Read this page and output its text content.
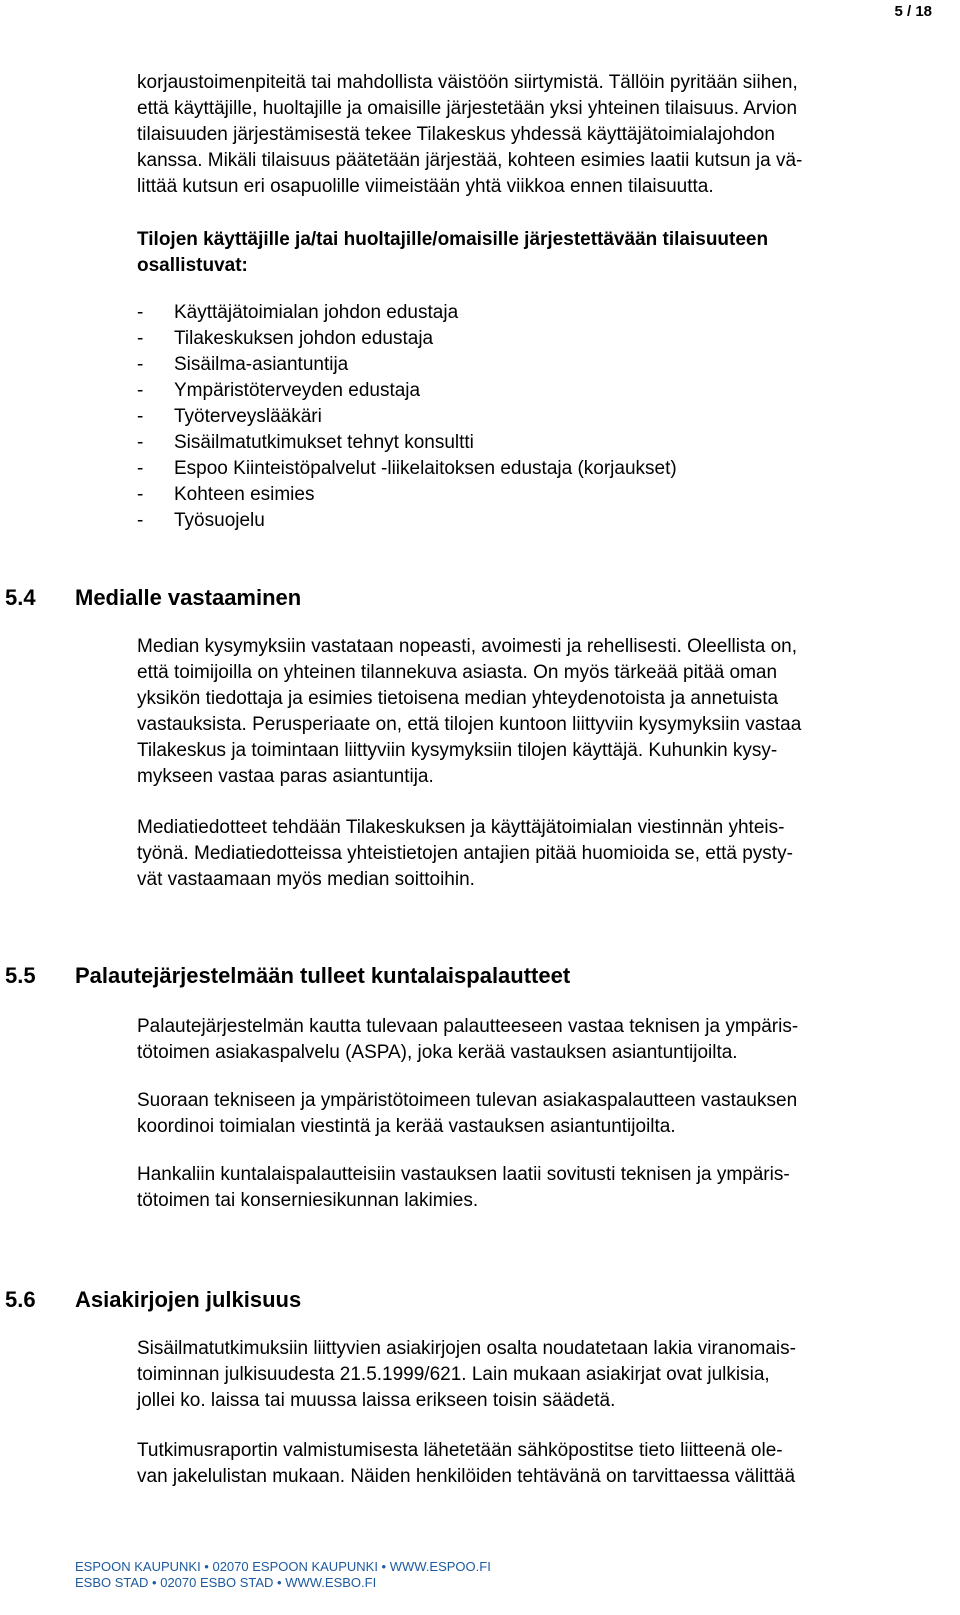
5 / 18

korjaustoimenpiteitä tai mahdollista väistöön siirtymistä. Tällöin pyritään siihen,
että käyttäjille, huoltajille ja omaisille järjestetään yksi yhteinen tilaisuus. Arvion
tilaisuuden järjestämisestä tekee Tilakeskus yhdessä käyttäjätoimialajohdon
kanssa. Mikäli tilaisuus päätetään järjestää, kohteen esimies laatii kutsun ja vä-
littää kutsun eri osapuolille viimeistään yhtä viikkoa ennen tilaisuutta.

Tilojen käyttäjille ja/tai huoltajille/omaisille järjestettävään tilaisuuteen
osallistuvat:

-	Käyttäjätoimialan johdon edustaja
-	Tilakeskuksen johdon edustaja
-	Sisäilma-asiantuntija
-	Ympäristöterveyden edustaja
-	Työterveyslääkäri
-	Sisäilmatutkimukset tehnyt konsultti
-	Espoo Kiinteistöpalvelut -liikelaitoksen edustaja (korjaukset)
-	Kohteen esimies
-	Työsuojelu
5.4 Medialle vastaaminen

Median kysymyksiin vastataan nopeasti, avoimesti ja rehellisesti. Oleellista on,
että toimijoilla on yhteinen tilannekuva asiasta. On myös tärkeää pitää oman
yksikön tiedottaja ja esimies tietoisena median yhteydenotoista ja annetuista
vastauksista. Perusperiaate on, että tilojen kuntoon liittyviin kysymyksiin vastaa
Tilakeskus ja toimintaan liittyviin kysymyksiin tilojen käyttäjä. Kuhunkin kysy-
mykseen vastaa paras asiantuntija.

Mediatiedotteet tehdään Tilakeskuksen ja käyttäjätoimialan viestinnän yhteis-
työnä. Mediatiedotteissa yhteistietojen antajien pitää huomioida se, että pysty-
vät vastaamaan myös median soittoihin.

5.5 Palautejärjestelmään tulleet kuntalaispalautteet

Palautejärjestelmän kautta tulevaan palautteeseen vastaa teknisen ja ympäris-
tötoimen asiakaspalvelu (ASPA), joka kerää vastauksen asiantuntijoilta.

Suoraan tekniseen ja ympäristötoimeen tulevan asiakaspalautteen vastauksen
koordinoi toimialan viestintä ja kerää vastauksen asiantuntijoilta.

Hankaliin kuntalaispalautteisiin vastauksen laatii sovitusti teknisen ja ympäris-
tötoimen tai konserniesikunnan lakimies.

5.6 Asiakirjojen julkisuus

Sisäilmatutkimuksiin liittyvien asiakirjojen osalta noudatetaan lakia viranomais-
toiminnan julkisuudesta 21.5.1999/621. Lain mukaan asiakirjat ovat julkisia,
jollei ko. laissa tai muussa laissa erikseen toisin säädetä.

Tutkimusraportin valmistumisesta lähetetään sähköpostitse tieto liitteenä ole-
van jakelulistan mukaan. Näiden henkilöiden tehtävänä on tarvittaessa välittää

ESPOON KAUPUNKI • 02070 ESPOON KAUPUNKI • WWW.ESPOO.FI
ESBO STAD • 02070 ESBO STAD • WWW.ESBO.FI
